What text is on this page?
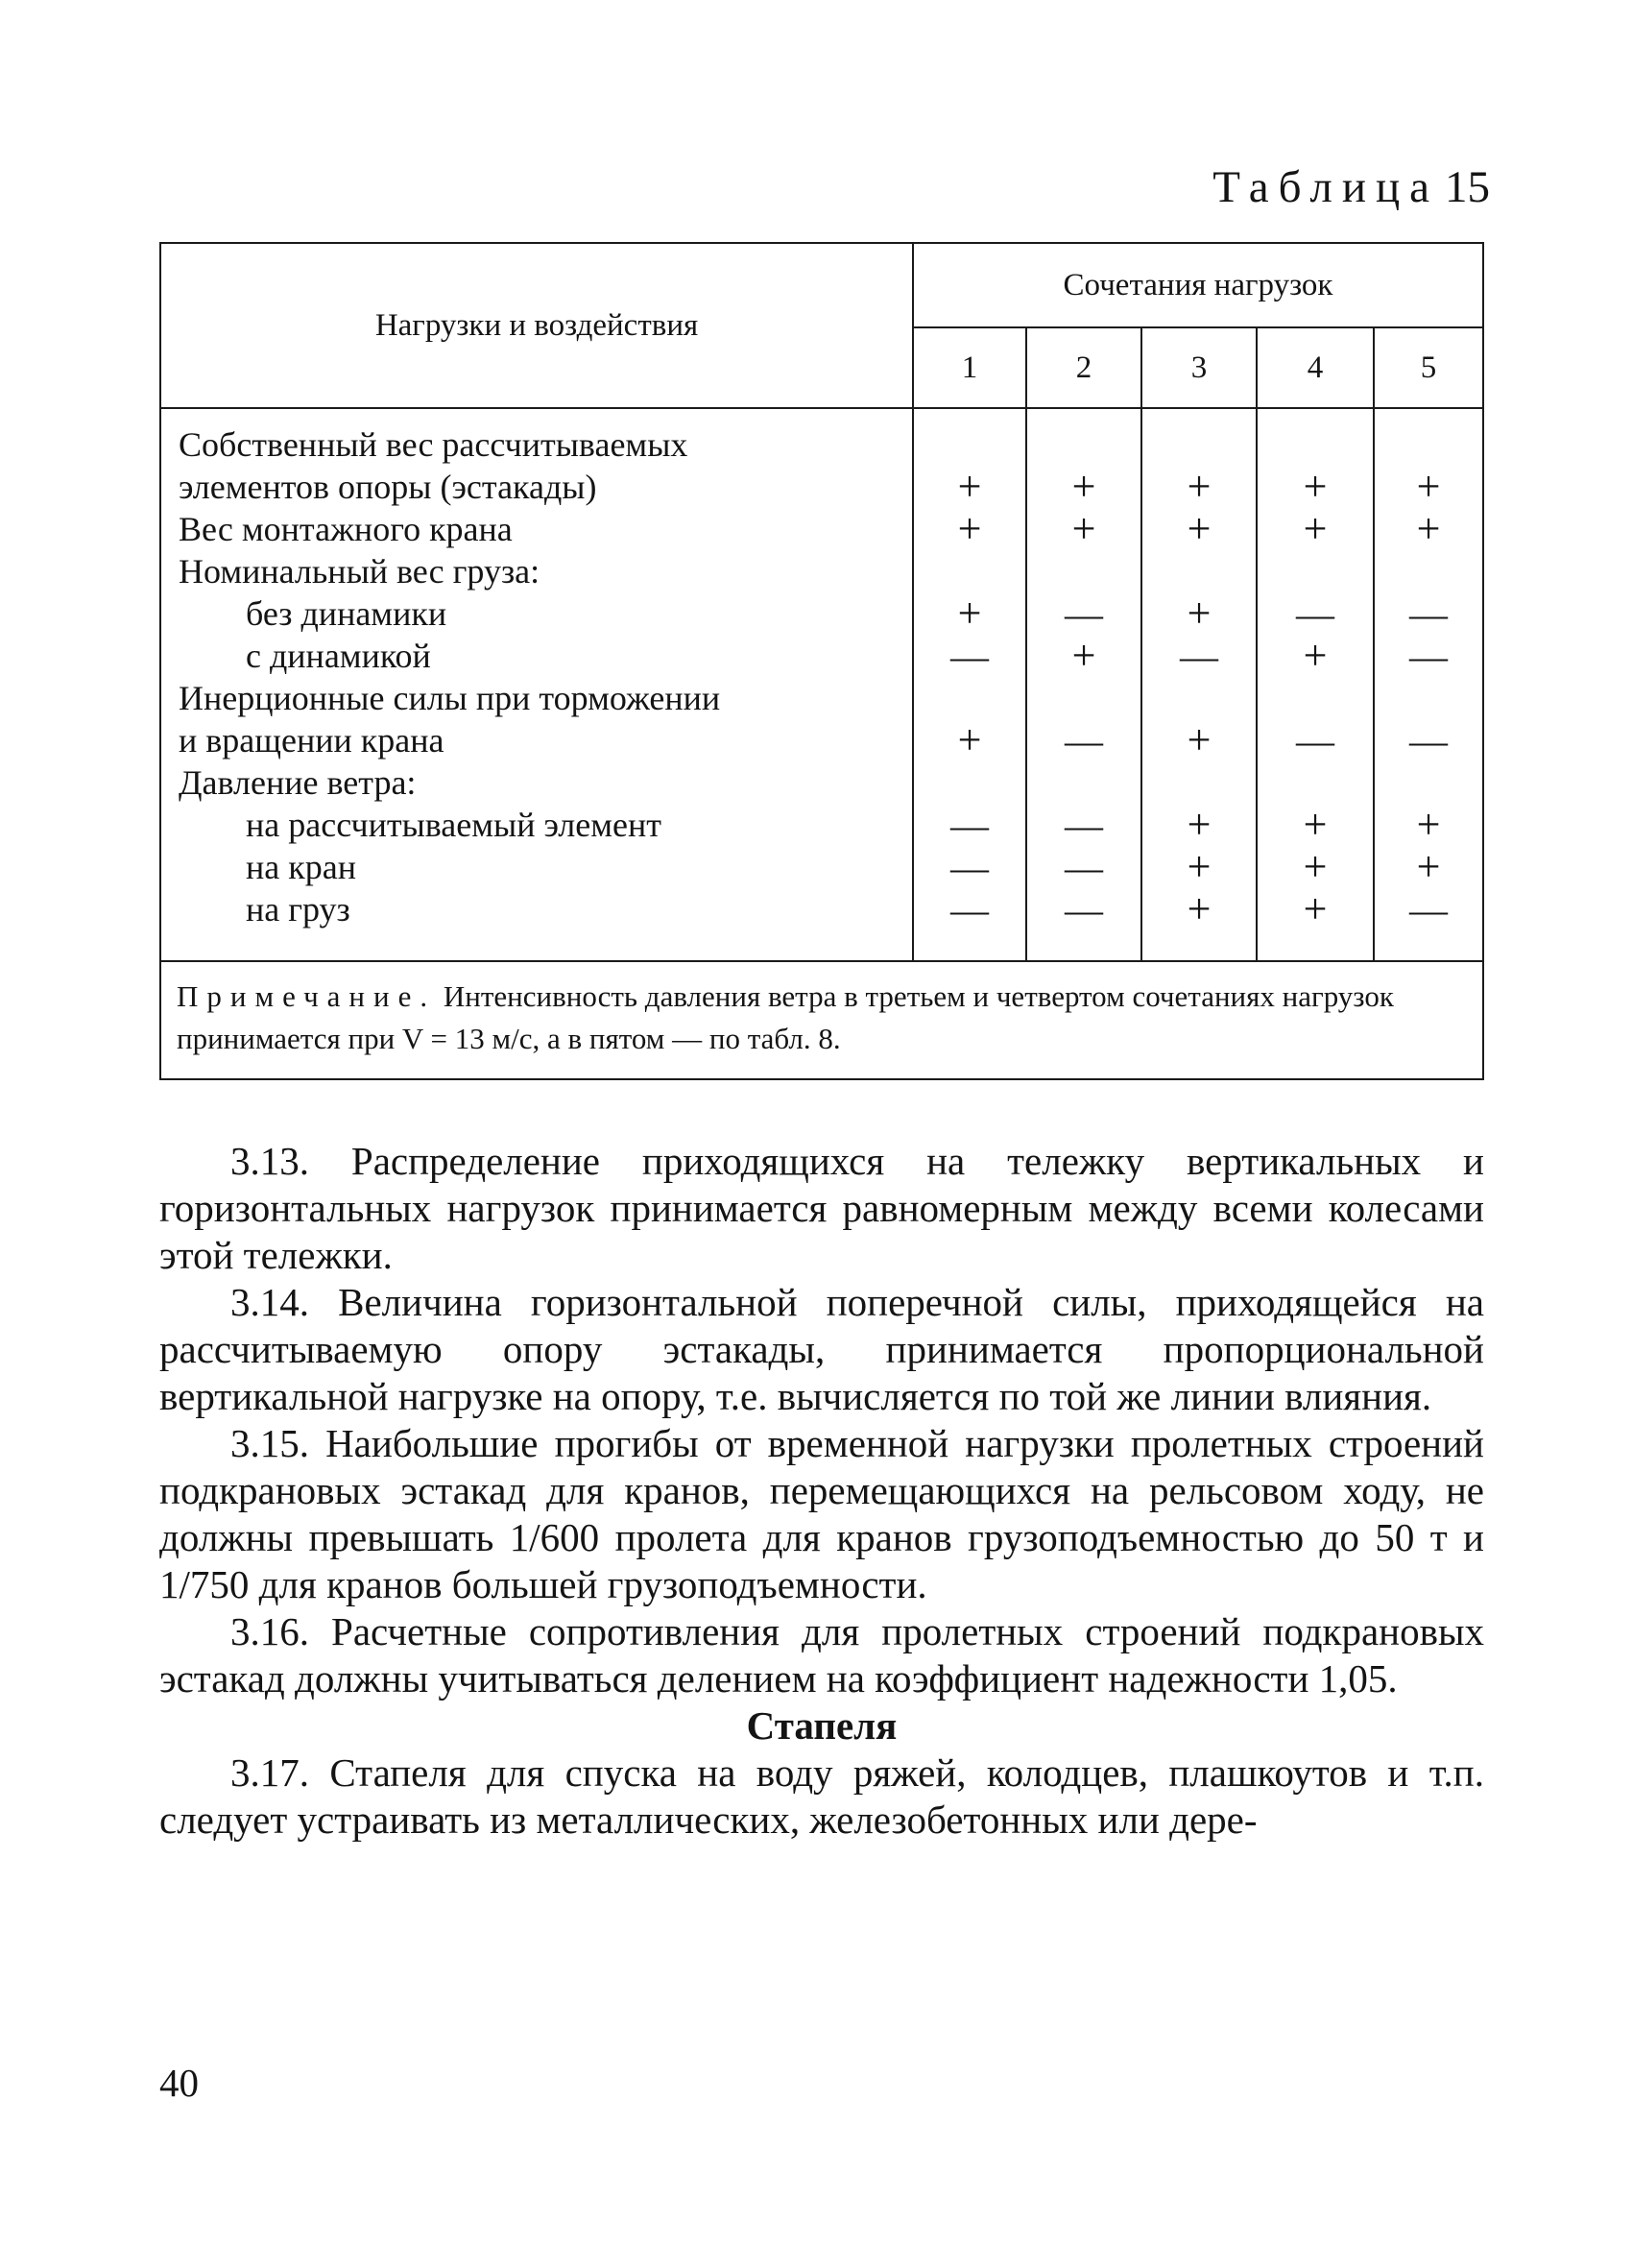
Таблица 15
Нагрузки и воздействия
Сочетания нагрузок
1	2	3	4	5
Собственный вес рассчитываемых
элементов опоры (эстакады)	+	+	+	+	+
Вес монтажного крана	+	+	+	+	+
Номинальный вес груза:
без динамики	+	—	+	—	—
с динамикой	—	+	—	+	—
Инерционные силы при торможении
и вращении крана	+	—	+	—	—
Давление ветра:
на рассчитываемый элемент	—	—	+	+	+
на кран	—	—	+	+	+
на груз	—	—	+	+	—
Примечание. Интенсивность давления ветра в третьем и четвертом сочетаниях нагрузок принимается при V = 13 м/с, а в пятом — по табл. 8.

3.13. Распределение приходящихся на тележку вертикальных и горизонтальных нагрузок принимается равномерным между всеми колесами этой тележки.

3.14. Величина горизонтальной поперечной силы, приходящейся на рассчитываемую опору эстакады, принимается пропорциональной вертикальной нагрузке на опору, т.е. вычисляется по той же линии влияния.

3.15. Наибольшие прогибы от временной нагрузки пролетных строений подкрановых эстакад для кранов, перемещающихся на рельсовом ходу, не должны превышать 1/600 пролета для кранов грузоподъемностью до 50 т и 1/750 для кранов большей грузоподъемности.

3.16. Расчетные сопротивления для пролетных строений подкрановых эстакад должны учитываться делением на коэффициент надежности 1,05.

Стапеля

3.17. Стапеля для спуска на воду ряжей, колодцев, плашкоутов и т.п. следует устраивать из металлических, железобетонных или дере-

40
